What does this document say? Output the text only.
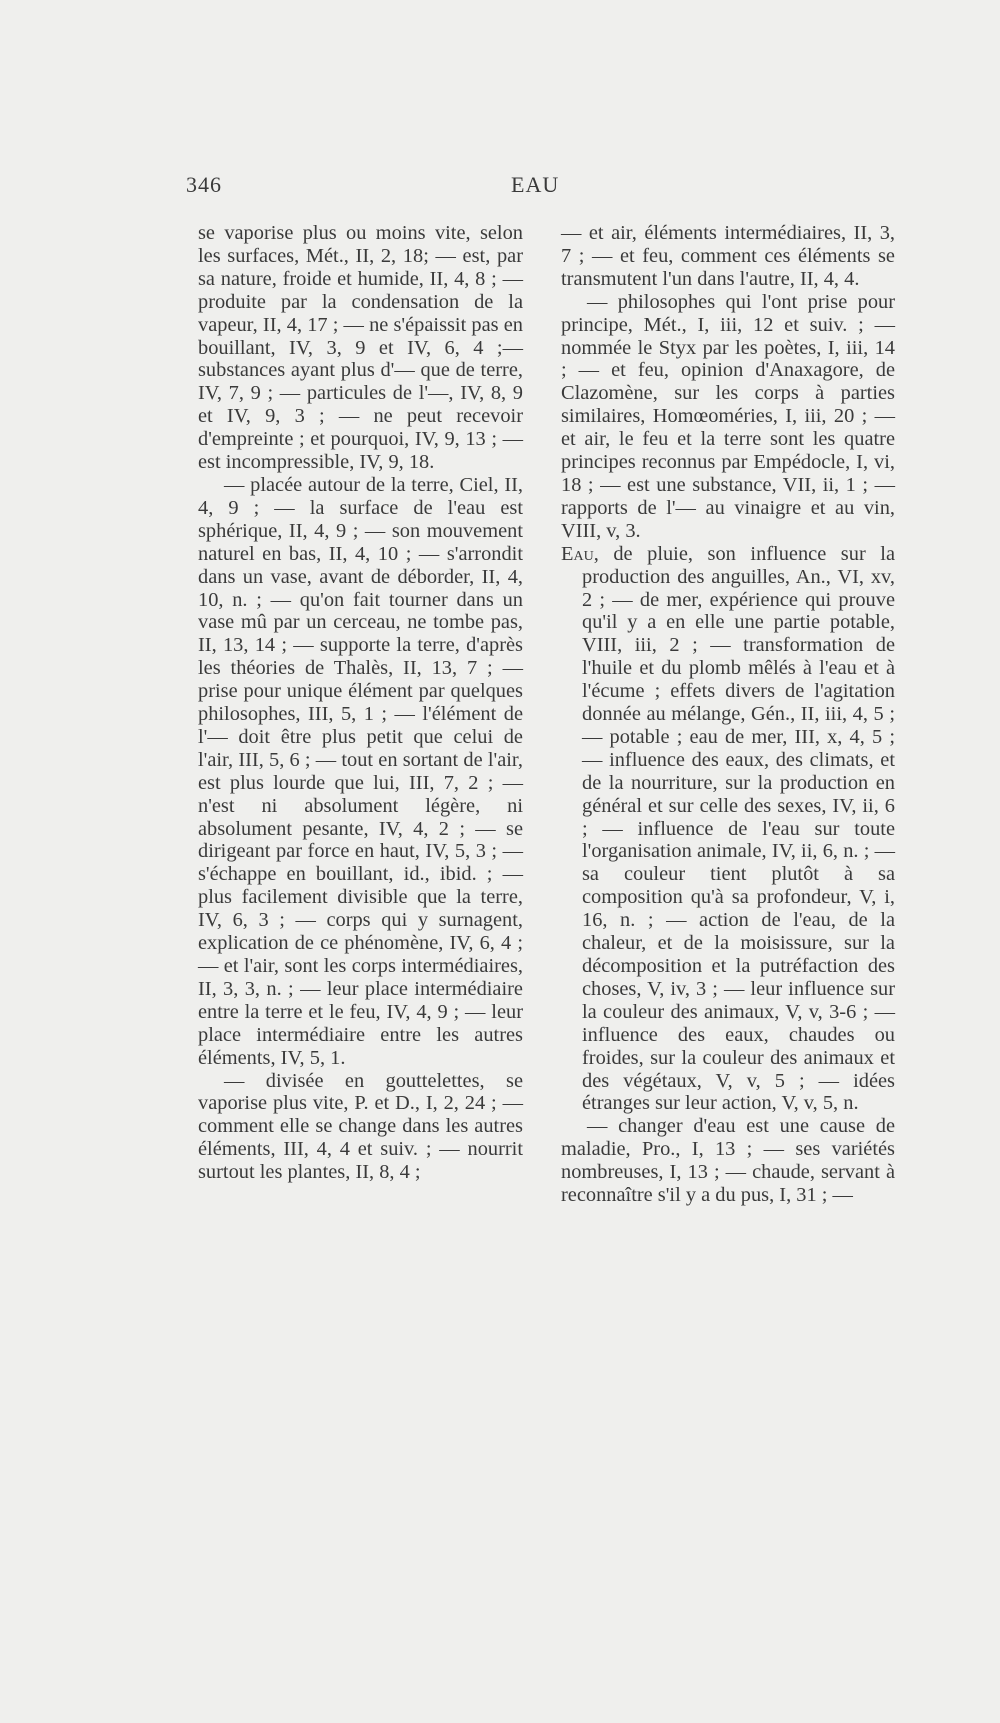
346	EAU

se vaporise plus ou moins vite, selon les surfaces, Mét., II, 2, 18; — est, par sa nature, froide et humide, II, 4, 8 ; — produite par la condensation de la vapeur, II, 4, 17 ; — ne s'épaissit pas en bouillant, IV, 3, 9 et IV, 6, 4 ;— substances ayant plus d'— que de terre, IV, 7, 9 ; — particules de l'—, IV, 8, 9 et IV, 9, 3 ; — ne peut recevoir d'empreinte ; et pourquoi, IV, 9, 13 ; — est incompressible, IV, 9, 18.

— placée autour de la terre, Ciel, II, 4, 9 ; — la surface de l'eau est sphérique, II, 4, 9 ; — son mouvement naturel en bas, II, 4, 10 ; — s'arrondit dans un vase, avant de déborder, II, 4, 10, n. ; — qu'on fait tourner dans un vase mû par un cerceau, ne tombe pas, II, 13, 14 ; — supporte la terre, d'après les théories de Thalès, II, 13, 7 ; — prise pour unique élément par quelques philosophes, III, 5, 1 ; — l'élément de l'— doit être plus petit que celui de l'air, III, 5, 6 ; — tout en sortant de l'air, est plus lourde que lui, III, 7, 2 ; — n'est ni absolument légère, ni absolument pesante, IV, 4, 2 ; — se dirigeant par force en haut, IV, 5, 3 ; — s'échappe en bouillant, id., ibid. ; — plus facilement divisible que la terre, IV, 6, 3 ; — corps qui y surnagent, explication de ce phénomène, IV, 6, 4 ; — et l'air, sont les corps intermédiaires, II, 3, 3, n. ; — leur place intermédiaire entre la terre et le feu, IV, 4, 9 ; — leur place intermédiaire entre les autres éléments, IV, 5, 1.

— divisée en gouttelettes, se vaporise plus vite, P. et D., I, 2, 24 ; — comment elle se change dans les autres éléments, III, 4, 4 et suiv. ; — nourrit surtout les plantes, II, 8, 4 ;

— et air, éléments intermédiaires, II, 3, 7 ; — et feu, comment ces éléments se transmutent l'un dans l'autre, II, 4, 4.

— philosophes qui l'ont prise pour principe, Mét., I, iii, 12 et suiv. ; — nommée le Styx par les poètes, I, iii, 14 ; — et feu, opinion d'Anaxagore, de Clazomène, sur les corps à parties similaires, Homœoméries, I, iii, 20 ; — et air, le feu et la terre sont les quatre principes reconnus par Empédocle, I, vi, 18 ; — est une substance, VII, ii, 1 ; — rapports de l'— au vinaigre et au vin, VIII, v, 3.

Eau, de pluie, son influence sur la production des anguilles, An., VI, xv, 2 ; — de mer, expérience qui prouve qu'il y a en elle une partie potable, VIII, iii, 2 ; — transformation de l'huile et du plomb mêlés à l'eau et à l'écume ; effets divers de l'agitation donnée au mélange, Gén., II, iii, 4, 5 ; — potable ; eau de mer, III, x, 4, 5 ; — influence des eaux, des climats, et de la nourriture, sur la production en général et sur celle des sexes, IV, ii, 6 ; — influence de l'eau sur toute l'organisation animale, IV, ii, 6, n. ; — sa couleur tient plutôt à sa composition qu'à sa profondeur, V, i, 16, n. ; — action de l'eau, de la chaleur, et de la moisissure, sur la décomposition et la putréfaction des choses, V, iv, 3 ; — leur influence sur la couleur des animaux, V, v, 3-6 ; — influence des eaux, chaudes ou froides, sur la couleur des animaux et des végétaux, V, v, 5 ; — idées étranges sur leur action, V, v, 5, n.

— changer d'eau est une cause de maladie, Pro., I, 13 ; — ses variétés nombreuses, I, 13 ; — chaude, servant à reconnaître s'il y a du pus, I, 31 ; —
